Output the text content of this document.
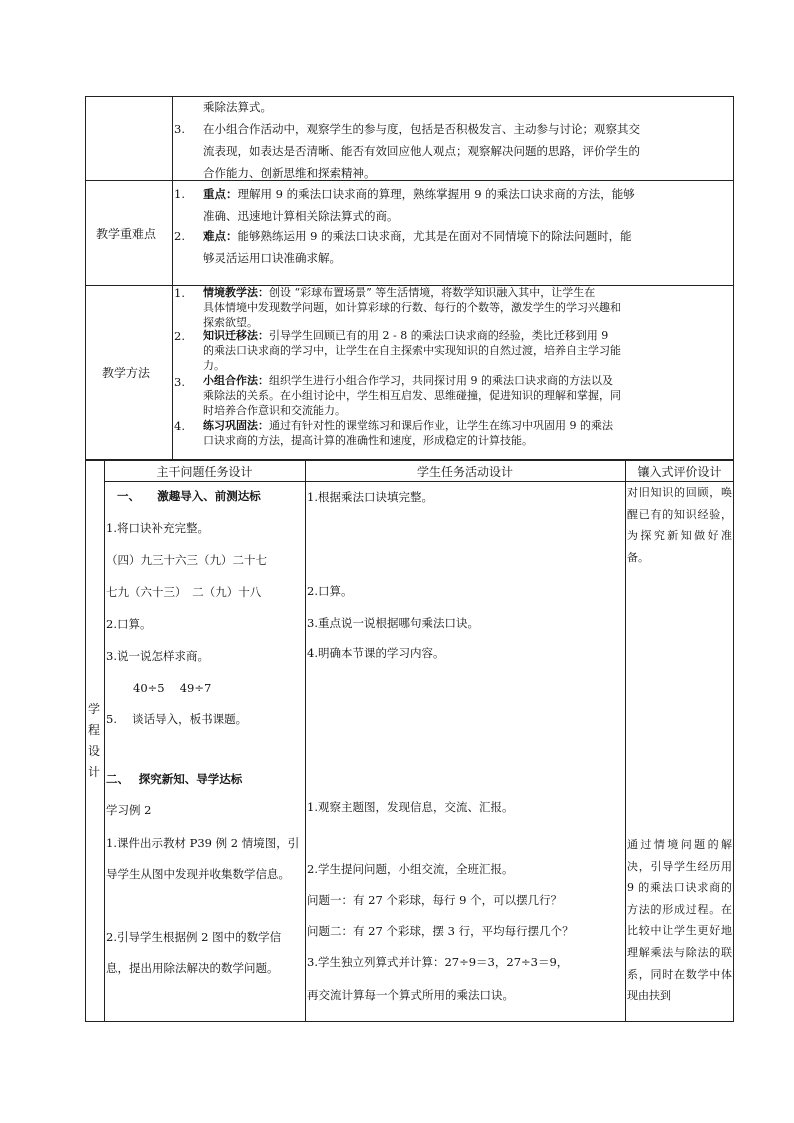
乘除法算式。
3. 在小组合作活动中，观察学生的参与度，包括是否积极发言、主动参与讨论；观察其交
流表现，如表达是否清晰、能否有效回应他人观点；观察解决问题的思路，评价学生的
合作能力、创新思维和探索精神。
教学重难点
1. 重点：理解用 9 的乘法口诀求商的算理，熟练掌握用 9 的乘法口诀求商的方法，能够
准确、迅速地计算相关除法算式的商。
2. 难点：能够熟练运用 9 的乘法口诀求商，尤其是在面对不同情境下的除法问题时，能
够灵活运用口诀准确求解。
教学方法
1. 情境教学法：创设 “彩球布置场景” 等生活情境，将数学知识融入其中，让学生在
具体情境中发现数学问题，如计算彩球的行数、每行的个数等，激发学生的学习兴趣和
探索欲望。
2. 知识迁移法：引导学生回顾已有的用 2 - 8 的乘法口诀求商的经验，类比迁移到用 9
的乘法口诀求商的学习中，让学生在自主探索中实现知识的自然过渡，培养自主学习能
力。
3. 小组合作法：组织学生进行小组合作学习，共同探讨用 9 的乘法口诀求商的方法以及
乘除法的关系。在小组讨论中，学生相互启发、思维碰撞，促进知识的理解和掌握，同
时培养合作意识和交流能力。
4. 练习巩固法：通过有针对性的课堂练习和课后作业，让学生在练习中巩固用 9 的乘法
口诀求商的方法，提高计算的准确性和速度，形成稳定的计算技能。
学
程
设
计
主干问题任务设计	学生任务活动设计	镶入式评价设计
一、　　激趣导入、前测达标
1.将口诀补充完整。
（四）九三十六三（九）二十七
七九（六十三）　二（九）十八
2.口算。
3.说一说怎样求商。
40÷5　 49÷7
5.　 谈话导入，板书课题。
二、　 探究新知、导学达标
学习例 2
1.课件出示教材 P39 例 2 情境图，引导学生从图中发现并收集数学信息。
2.引导学生根据例 2 图中的数学信息，提出用除法解决的数学问题。
1.根据乘法口诀填完整。
2.口算。
3.重点说一说根据哪句乘法口诀。
4.明确本节课的学习内容。
1.观察主题图，发现信息，交流、汇报。
2.学生提问问题，小组交流，全班汇报。
问题一：有 27 个彩球，每行 9 个，可以摆几行？
问题二：有 27 个彩球，摆 3 行，平均每行摆几个？
3.学生独立列算式并计算：27÷9＝3，27÷3＝9，
再交流计算每一个算式所用的乘法口诀。
对旧知识的回顾，唤醒已有的知识经验，为探究新知做好准备。
通过情境问题的解决，引导学生经历用 9 的乘法口诀求商的方法的形成过程。在比较中让学生更好地理解乘法与除法的联系，同时在数学中体现由扶到
